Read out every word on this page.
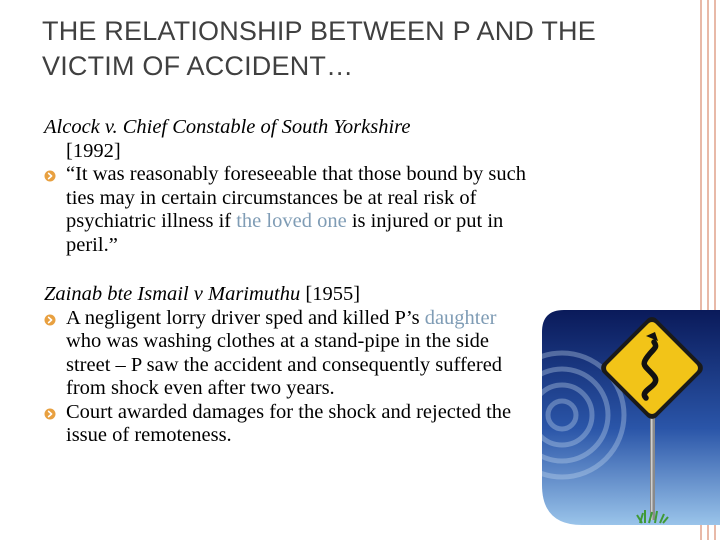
THE RELATIONSHIP BETWEEN P AND THE VICTIM OF ACCIDENT…

Alcock v. Chief Constable of South Yorkshire

[1992]

“It was reasonably foreseeable that those bound by such ties may in certain circumstances be at real risk of psychiatric illness if the loved one is injured or put in peril.”

Zainab bte Ismail v Marimuthu [1955]

A negligent lorry driver sped and killed P’s daughter who was washing clothes at a stand-pipe in the side street – P saw the accident and consequently suffered from shock even after two years.

Court awarded damages for the shock and rejected the issue of remoteness.
